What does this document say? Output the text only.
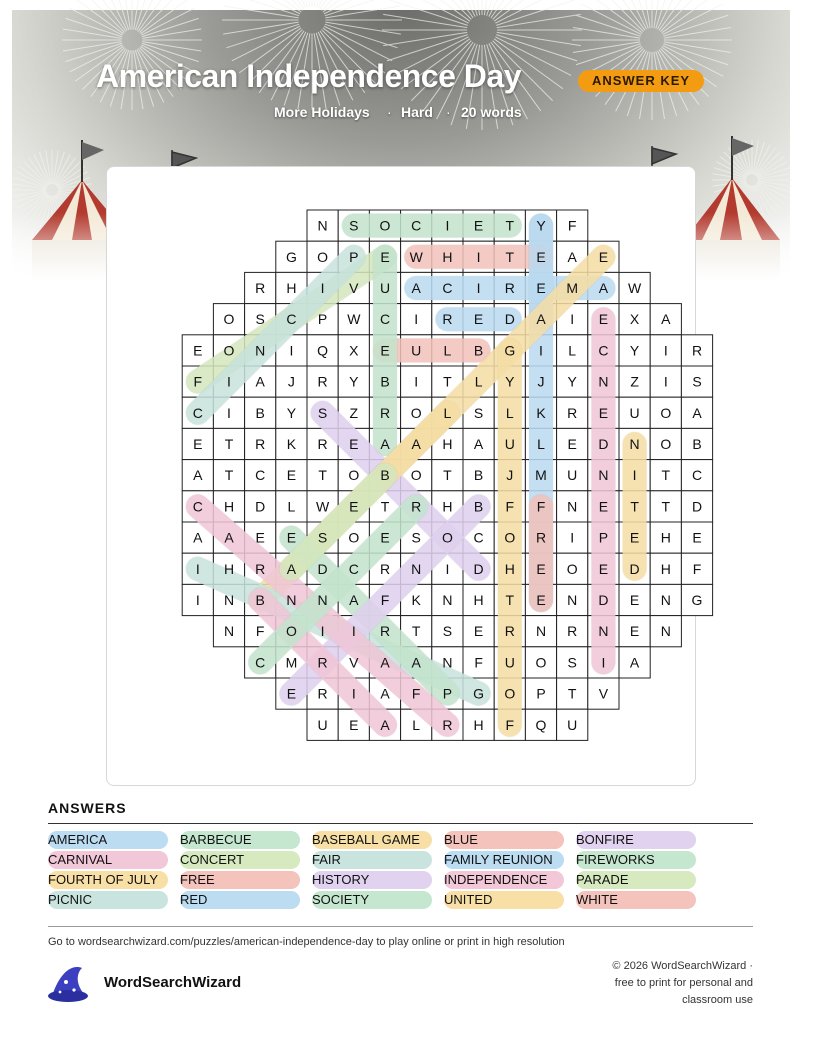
American Independence Day	ANSWER KEY
More Holidays · Hard · 20 words
N S O C I E T Y F
G O P E W H I T E A E
R H I V U A C I R E M A W
O S C P W C I R E D A I E X A
E O N I Q X E U L B G I L C Y I R
F I A J R Y B I T L Y J Y N Z I S
C I B Y S Z R O L S L K R E U O A
E T R K R E A A H A U L E D N O B
A T C E T O B O T B J M U N I T C
C H D L W E T R H B F F N E T T D
A A E E S O E S O C O R I P E H E
I H R A D C R N I D H E O E D H F
I N B N N A F K N H T E N D E N G
N F O I I R T S E R N R N E N
C M R V A A N F U O S I A
E R I A F P G O P T V
U E A L R H F Q U
ANSWERS
AMERICA	BARBECUE	BASEBALL GAME	BLUE	BONFIRE
CARNIVAL	CONCERT	FAIR	FAMILY REUNION	FIREWORKS
FOURTH OF JULY	FREE	HISTORY	INDEPENDENCE	PARADE
PICNIC	RED	SOCIETY	UNITED	WHITE
Go to wordsearchwizard.com/puzzles/american-independence-day to play online or print in high resolution
WordSearchWizard
© 2026 WordSearchWizard ·
free to print for personal and
classroom use
